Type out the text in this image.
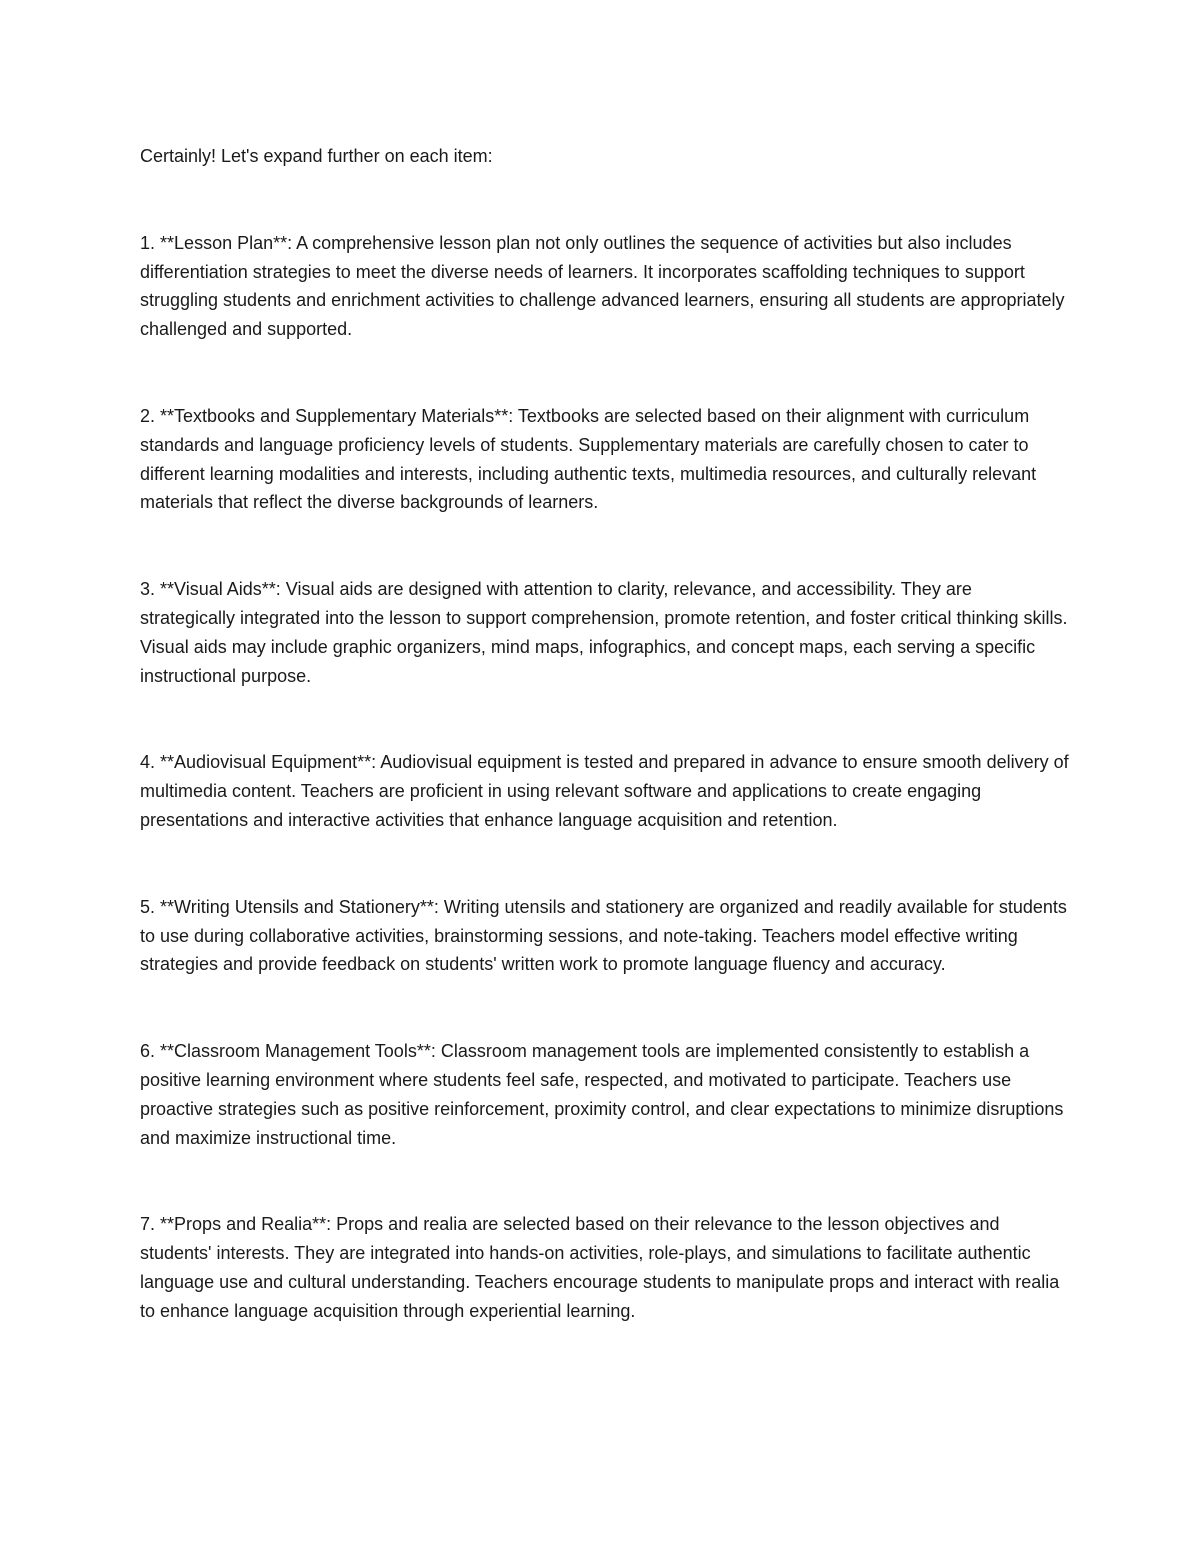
Certainly! Let's expand further on each item:

1. **Lesson Plan**: A comprehensive lesson plan not only outlines the sequence of activities but also includes differentiation strategies to meet the diverse needs of learners. It incorporates scaffolding techniques to support struggling students and enrichment activities to challenge advanced learners, ensuring all students are appropriately challenged and supported.

2. **Textbooks and Supplementary Materials**: Textbooks are selected based on their alignment with curriculum standards and language proficiency levels of students. Supplementary materials are carefully chosen to cater to different learning modalities and interests, including authentic texts, multimedia resources, and culturally relevant materials that reflect the diverse backgrounds of learners.

3. **Visual Aids**: Visual aids are designed with attention to clarity, relevance, and accessibility. They are strategically integrated into the lesson to support comprehension, promote retention, and foster critical thinking skills. Visual aids may include graphic organizers, mind maps, infographics, and concept maps, each serving a specific instructional purpose.

4. **Audiovisual Equipment**: Audiovisual equipment is tested and prepared in advance to ensure smooth delivery of multimedia content. Teachers are proficient in using relevant software and applications to create engaging presentations and interactive activities that enhance language acquisition and retention.

5. **Writing Utensils and Stationery**: Writing utensils and stationery are organized and readily available for students to use during collaborative activities, brainstorming sessions, and note-taking. Teachers model effective writing strategies and provide feedback on students' written work to promote language fluency and accuracy.

6. **Classroom Management Tools**: Classroom management tools are implemented consistently to establish a positive learning environment where students feel safe, respected, and motivated to participate. Teachers use proactive strategies such as positive reinforcement, proximity control, and clear expectations to minimize disruptions and maximize instructional time.

7. **Props and Realia**: Props and realia are selected based on their relevance to the lesson objectives and students' interests. They are integrated into hands-on activities, role-plays, and simulations to facilitate authentic language use and cultural understanding. Teachers encourage students to manipulate props and interact with realia to enhance language acquisition through experiential learning.
